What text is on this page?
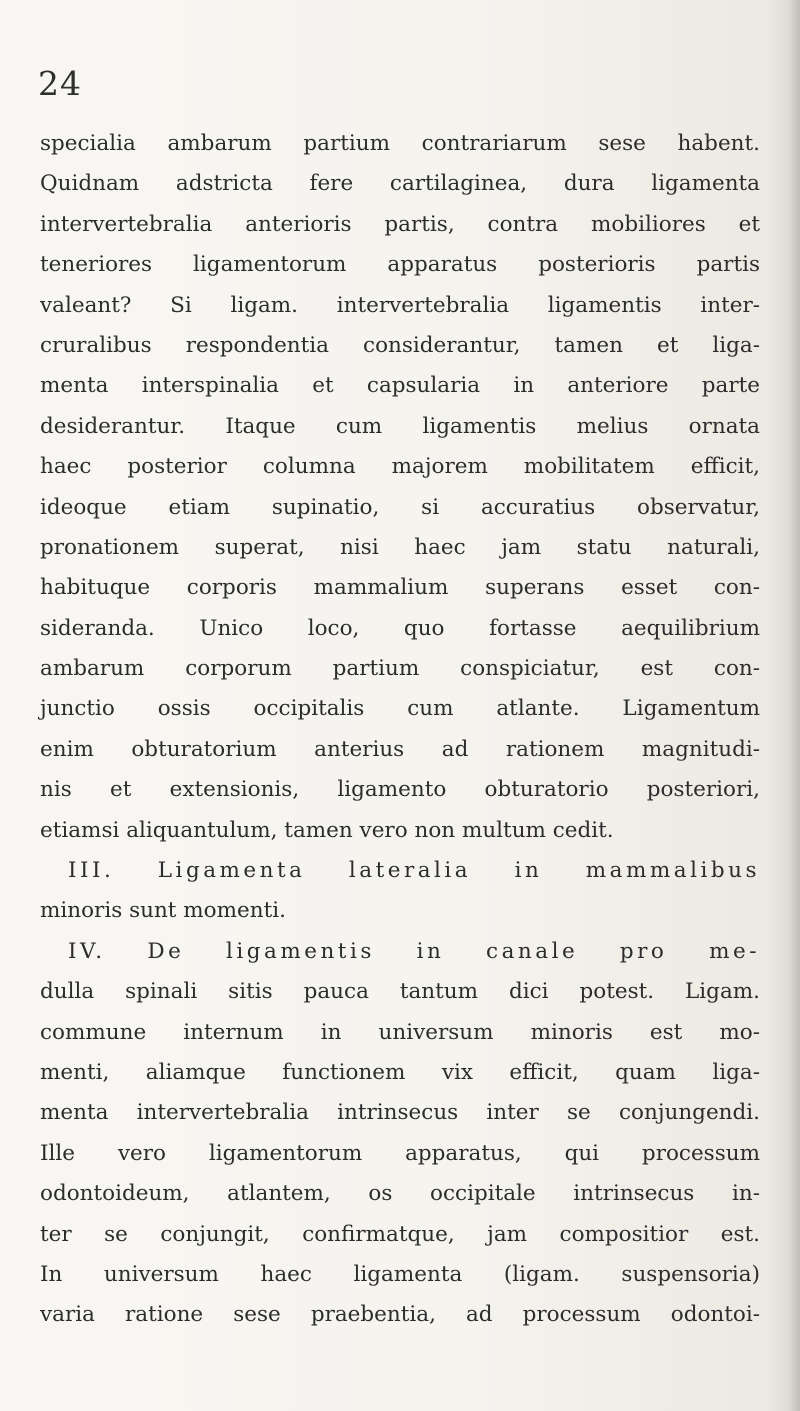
24
specialia ambarum partium contrariarum sese habent.
Quidnam adstricta fere cartilaginea, dura ligamenta
intervertebralia anterioris partis, contra mobiliores et
teneriores ligamentorum apparatus posterioris partis
valeant? Si ligam. intervertebralia ligamentis inter-
cruralibus respondentia considerantur, tamen et liga-
menta interspinalia et capsularia in anteriore parte
desiderantur. Itaque cum ligamentis melius ornata
haec posterior columna majorem mobilitatem efficit,
ideoque etiam supinatio, si accuratius observatur,
pronationem superat, nisi haec jam statu naturali,
habituque corporis mammalium superans esset con-
sideranda. Unico loco, quo fortasse aequilibrium
ambarum corporum partium conspiciatur, est con-
junctio ossis occipitalis cum atlante. Ligamentum
enim obturatorium anterius ad rationem magnitudi-
nis et extensionis, ligamento obturatorio posteriori,
etiamsi aliquantulum, tamen vero non multum cedit.
III. Ligamenta lateralia in mammalibus
minoris sunt momenti.
IV. De ligamentis in canale pro me-
dulla spinali sitis pauca tantum dici potest. Ligam.
commune internum in universum minoris est mo-
menti, aliamque functionem vix efficit, quam liga-
menta intervertebralia intrinsecus inter se conjungendi.
Ille vero ligamentorum apparatus, qui processum
odontoideum, atlantem, os occipitale intrinsecus in-
ter se conjungit, confirmatque, jam compositior est.
In universum haec ligamenta (ligam. suspensoria)
varia ratione sese praebentia, ad processum odontoi-
